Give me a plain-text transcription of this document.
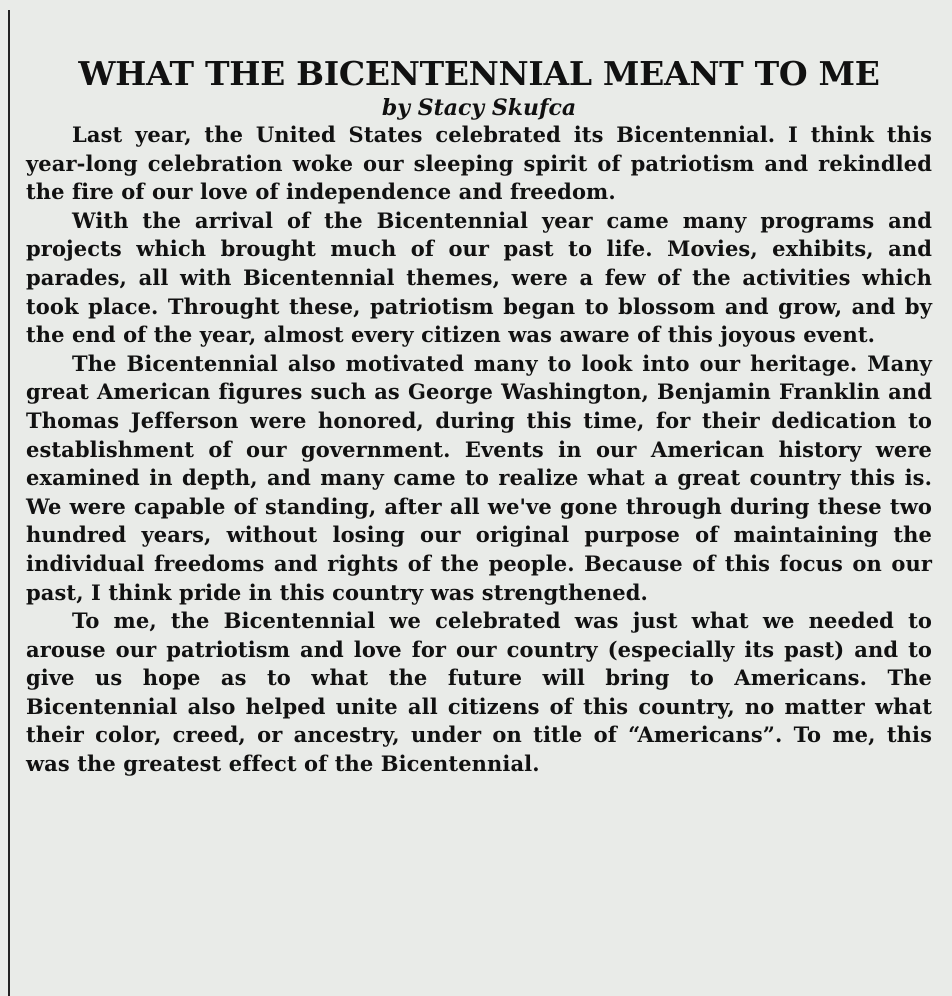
WHAT THE BICENTENNIAL MEANT TO ME
by Stacy Skufca

Last year, the United States celebrated its Bicentennial. I think this year-long celebration woke our sleeping spirit of patriotism and rekindled the fire of our love of independence and freedom.

With the arrival of the Bicentennial year came many programs and projects which brought much of our past to life. Movies, exhibits, and parades, all with Bicentennial themes, were a few of the activities which took place. Throught these, patriotism began to blossom and grow, and by the end of the year, almost every citizen was aware of this joyous event.

The Bicentennial also motivated many to look into our heritage. Many great American figures such as George Washington, Benjamin Franklin and Thomas Jefferson were honored, during this time, for their dedication to establishment of our government. Events in our American history were examined in depth, and many came to realize what a great country this is. We were capable of standing, after all we've gone through during these two hundred years, without losing our original purpose of maintaining the individual freedoms and rights of the people. Because of this focus on our past, I think pride in this country was strengthened.

To me, the Bicentennial we celebrated was just what we needed to arouse our patriotism and love for our country (especially its past) and to give us hope as to what the future will bring to Americans. The Bicentennial also helped unite all citizens of this country, no matter what their color, creed, or ancestry, under on title of “Americans”. To me, this was the greatest effect of the Bicentennial.
